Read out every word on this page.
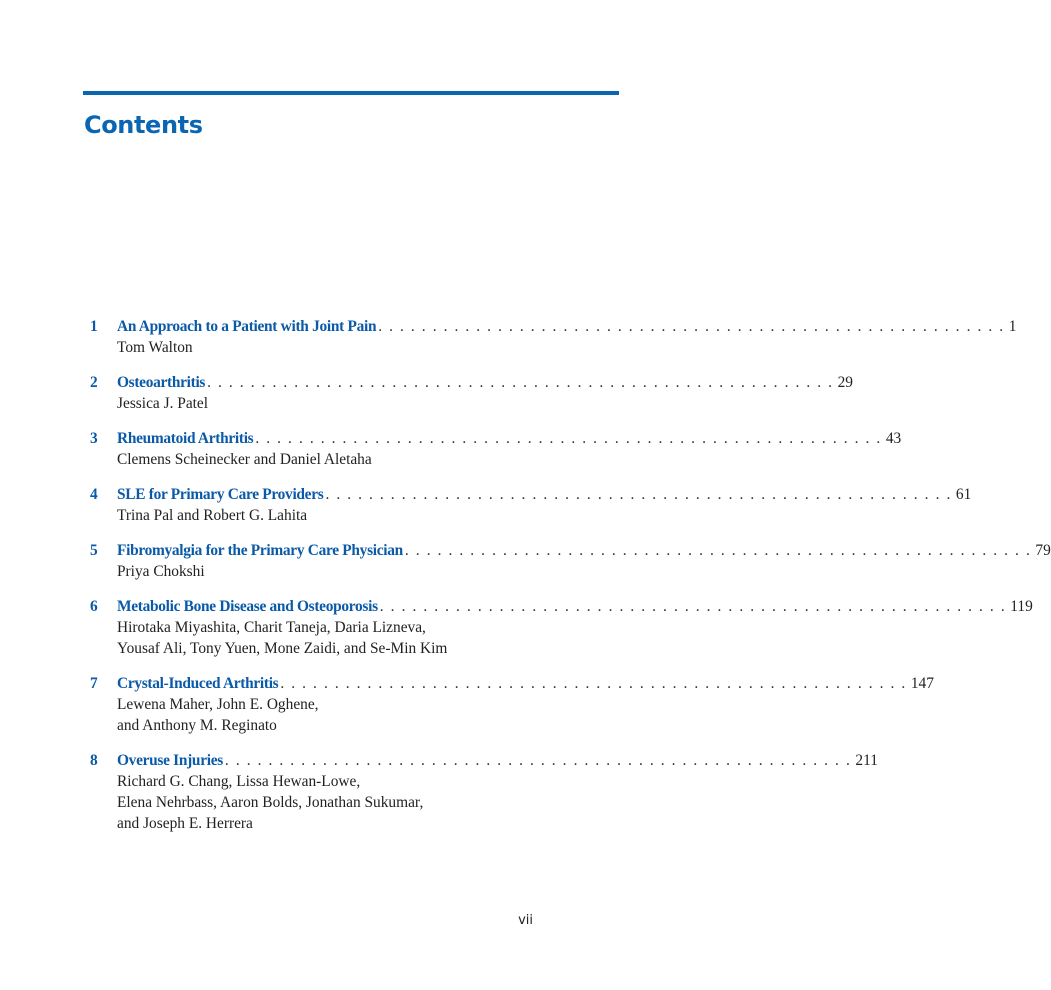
Contents
1	An Approach to a Patient with Joint Pain . . . . . . . . . . . . . . . . . . . . . . . . . . . . . . . . . . . . . . . . . . . . . . . . . . . . . . . . . . 1
Tom Walton
2	Osteoarthritis . . . . . . . . . . . . . . . . . . . . . . . . . . . . . . . . . . . . . . . . . . . . . . . . . . . . . . . . . . 29
Jessica J. Patel
3	Rheumatoid Arthritis . . . . . . . . . . . . . . . . . . . . . . . . . . . . . . . . . . . . . . . . . . . . . . . . . . . . . . . . . . 43
Clemens Scheinecker and Daniel Aletaha
4	SLE for Primary Care Providers . . . . . . . . . . . . . . . . . . . . . . . . . . . . . . . . . . . . . . . . . . . . . . . . . . . . . . . . . . 61
Trina Pal and Robert G. Lahita
5	Fibromyalgia for the Primary Care Physician . . . . . . . . . . . . . . . . . . . . . . . . . . . . . . . . . . . . . . . . . . . . . . . . . . . . . . . . . . 79
Priya Chokshi
6	Metabolic Bone Disease and Osteoporosis . . . . . . . . . . . . . . . . . . . . . . . . . . . . . . . . . . . . . . . . . . . . . . . . . . . . . . . . . . 119
Hirotaka Miyashita, Charit Taneja, Daria Lizneva,
Yousaf Ali, Tony Yuen, Mone Zaidi, and Se-Min Kim
7	Crystal-Induced Arthritis . . . . . . . . . . . . . . . . . . . . . . . . . . . . . . . . . . . . . . . . . . . . . . . . . . . . . . . . . . 147
Lewena Maher, John E. Oghene,
and Anthony M. Reginato
8	Overuse Injuries . . . . . . . . . . . . . . . . . . . . . . . . . . . . . . . . . . . . . . . . . . . . . . . . . . . . . . . . . . 211
Richard G. Chang, Lissa Hewan-Lowe,
Elena Nehrbass, Aaron Bolds, Jonathan Sukumar,
and Joseph E. Herrera
vii
